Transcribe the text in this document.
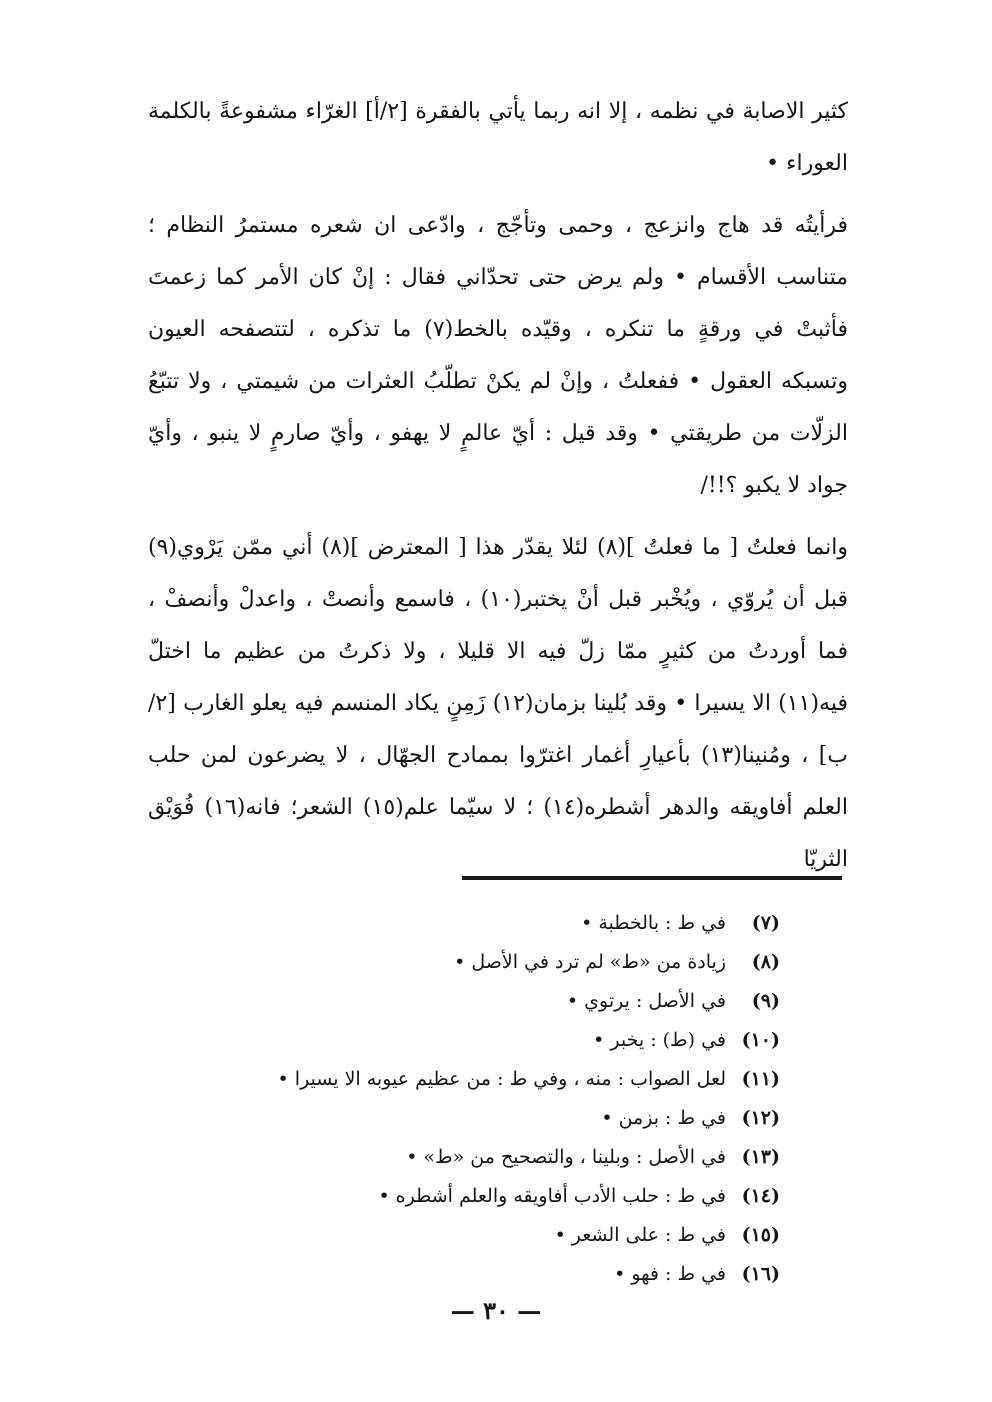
كثير الاصابة في نظمه ، إلا انه ربما يأتي بالفقرة [٢/أ] الغرّاء مشفوعةً بالكلمة العوراء •

فرأيتُه قد هاج وانزعج ، وحمى وتأجّج ، وادّعى ان شعره مستمرُ النظام ؛ متناسب الأقسام • ولم يرض حتى تحدّاني فقال : إنْ كان الأمر كما زعمتَ فأثبتْ في ورقةٍ ما تنكره ، وقيّده بالخط(٧) ما تذكره ، لتتصفحه العيون وتسبكه العقول • ففعلتُ ، وإنْ لم يكنْ تطلّبُ العثرات من شيمتي ، ولا تتبّعُ الزلّات من طريقتي • وقد قيل : أيّ عالمٍ لا يهفو ، وأيّ صارمٍ لا ينبو ، وأيّ جواد لا يكبو ؟!!/

وانما فعلتُ [ ما فعلتُ ](٨) لئلا يقدّر هذا [ المعترض ](٨) أني ممّن يَرْوي(٩) قبل أن يُروّي ، ويُخْبر قبل أنْ يختبر(١٠) ، فاسمع وأنصتْ ، واعدلْ وأنصفْ ، فما أوردتُ من كثيرٍ ممّا زلّ فيه الا قليلا ، ولا ذكرتُ من عظيم ما اختلّ فيه(١١) الا يسيرا • وقد بُلينا بزمان(١٢) زَمِنٍ يكاد المنسم فيه يعلو الغارب [٢/ب] ، ومُنينا(١٣) بأعيارِ أغمار اغترّوا بممادح الجهّال ، لا يضرعون لمن حلب العلم أفاويقه والدهر أشطره(١٤) ؛ لا سيّما علم(١٥) الشعر؛ فانه(١٦) فُوَيْق الثريّا

(٧)في ط : بالخطبة •
(٨)زيادة من «ط» لم ترد في الأصل •
(٩)في الأصل : يرتوي •
(١٠)في (ط) : يخبر •
(١١)لعل الصواب : منه ، وفي ط : من عظيم عيوبه الا يسيرا •
(١٢)في ط : بزمن •
(١٣)في الأصل : وبلينا ، والتصحيح من «ط» •
(١٤)في ط : حلب الأدب أفاويقه والعلم أشطره •
(١٥)في ط : على الشعر •
(١٦)في ط : فهو •
— ٣٠ —
